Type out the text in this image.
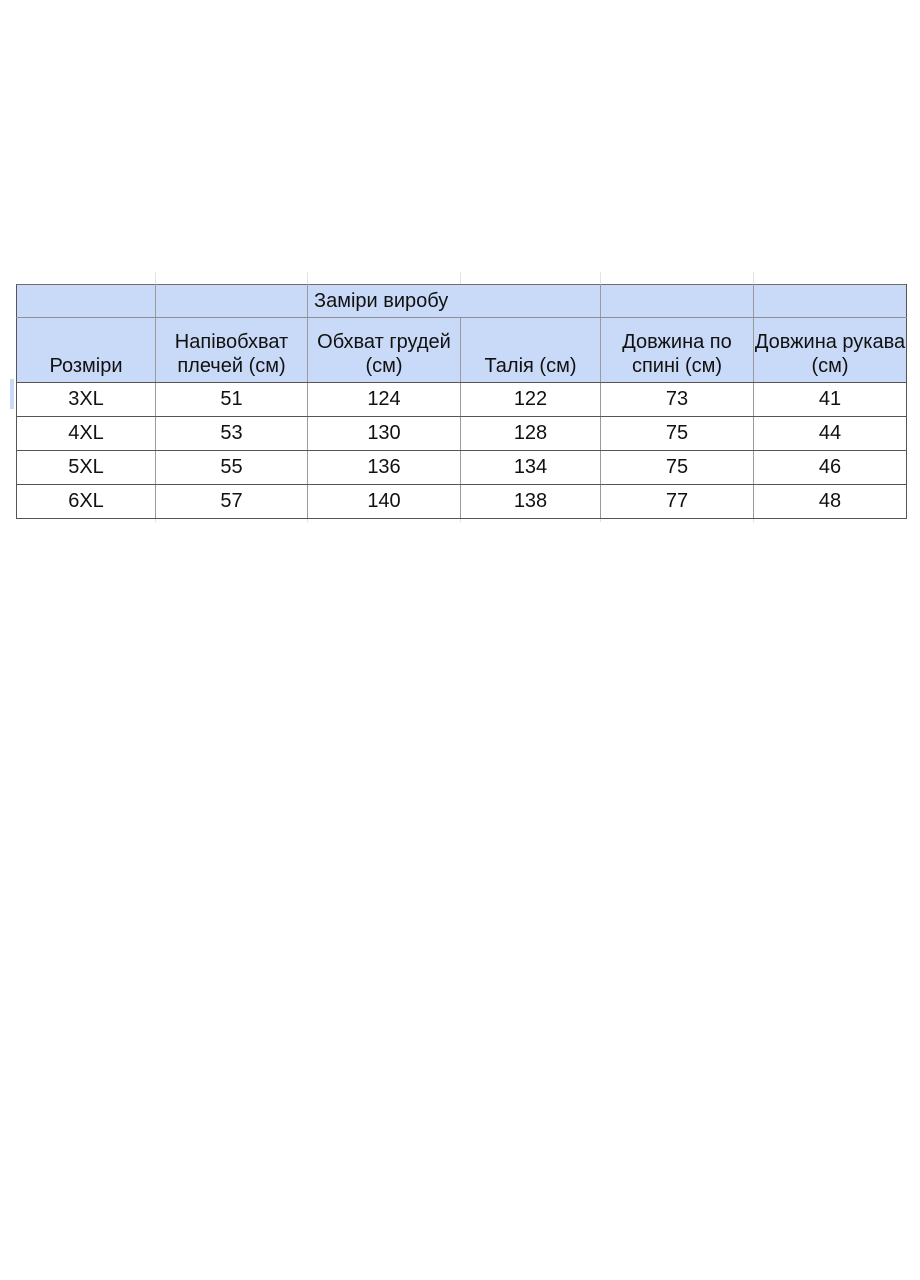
		Заміри виробу			
Розміри	Напівобхват плечей (см)	Обхват грудей (см)	Талія (см)	Довжина по спині (см)	Довжина рукава (см)
3XL	51	124	122	73	41
4XL	53	130	128	75	44
5XL	55	136	134	75	46
6XL	57	140	138	77	48
